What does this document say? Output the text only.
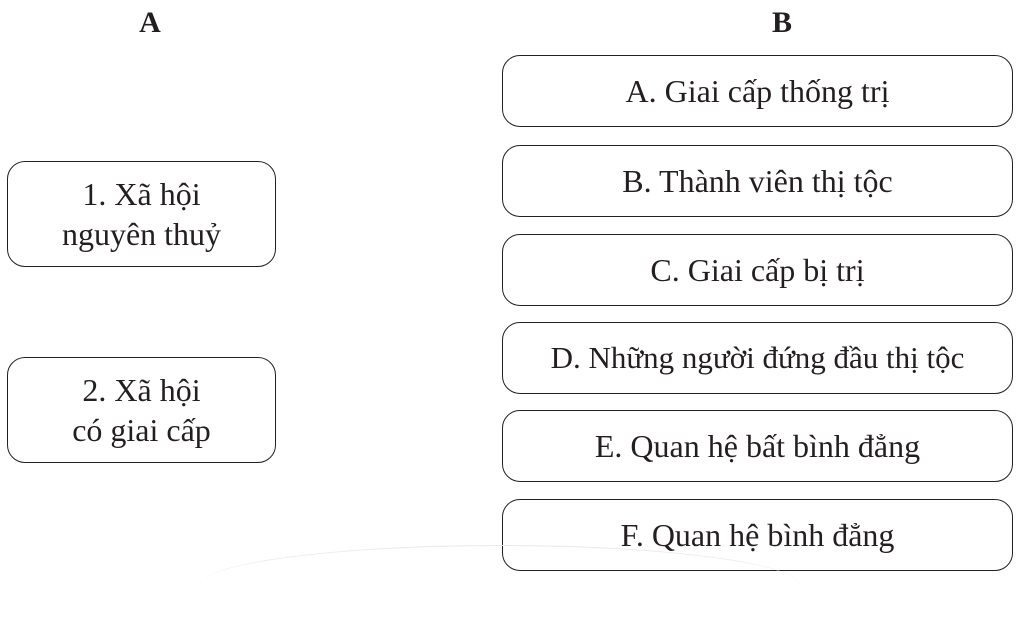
A	B
1. Xã hội
nguyên thuỷ
2. Xã hội
có giai cấp
A. Giai cấp thống trị
B. Thành viên thị tộc
C. Giai cấp bị trị
D. Những người đứng đầu thị tộc
E. Quan hệ bất bình đẳng
F. Quan hệ bình đẳng
